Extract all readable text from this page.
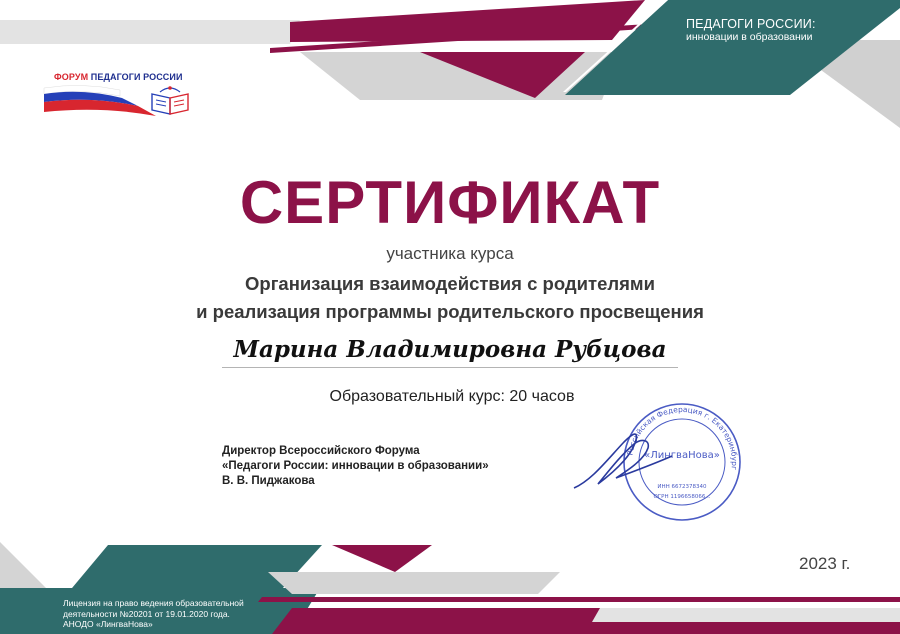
ПЕДАГОГИ РОССИИ:
инновации в образовании
ФОРУМ ПЕДАГОГИ РОССИИ
СЕРТИФИКАТ
участника курса
Организация взаимодействия с родителями
и реализация программы родительского просвещения
Марина Владимировна Рубцова
Образовательный курс: 20 часов
Директор Всероссийского Форума
«Педагоги России: инновации в образовании»
В. В. Пиджакова
Российская Федерация г. Екатеринбург
«ЛингваНова»
ИНН 6672378340
ОГРН 1196658066...
2023 г.
Лицензия на право ведения образовательной
деятельности №20201 от 19.01.2020 года.
АНОДО «ЛингваНова»
